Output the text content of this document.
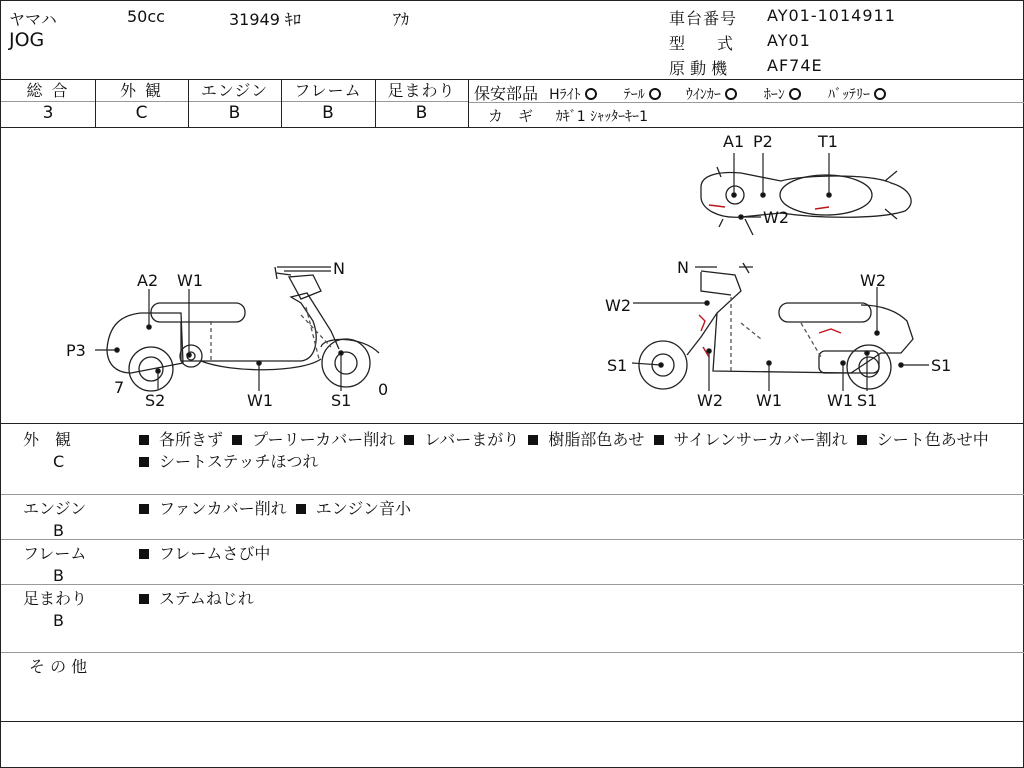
ヤマハ	50cc	31949 ｷﾛ	ｱｶ
JOG
車台番号 AY01-1014911
型　　式 AY01
原 動 機 AF74E
総 合
3
外 観
C
エンジン
B
フレーム
B
足まわり
B
保安部品 Hﾗｲﾄ	ﾃｰﾙ	ｳｲﾝｶｰ	ﾎｰﾝ	ﾊﾞｯﾃﾘｰ
カ　ギ ｶｷﾞ1 ｼｬｯﾀｰｷｰ1
N
A2 W1
P3
7
S2	W1	S1
0
A1 P2	T1
W2
N
W2
W2
S1	S1
W2 W1	W1 S1
外　観
C
各所きず プーリーカバー削れ レバーまがり 樹脂部色あせ サイレンサーカバー割れ シート色あせ中 シートステッチほつれ
エンジン
B
ファンカバー削れ エンジン音小
フレーム
B
フレームさび中
足まわり
B
ステムねじれ
そ の 他
